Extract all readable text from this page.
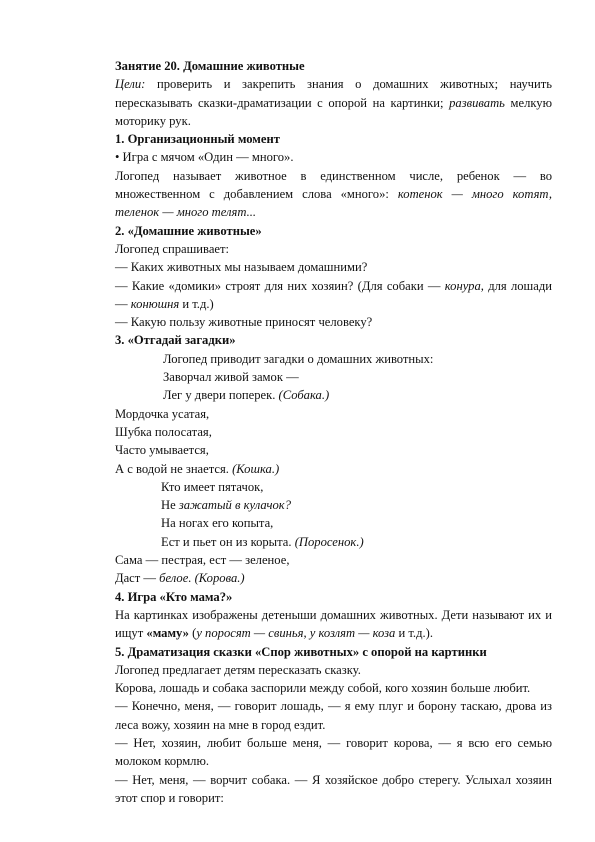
Занятие 20. Домашние животные

Цели: проверить и закрепить знания о домашних животных; научить пересказывать сказки-драматизации с опорой на картинки; развивать мелкую моторику рук.

1. Организационный момент

• Игра с мячом «Один — много».

Логопед называет животное в единственном числе, ребенок — во множественном с добавлением слова «много»: котенок — много котят, теленок — много телят...

2. «Домашние животные»

Логопед спрашивает:

— Каких животных мы называем домашними?

— Какие «домики» строят для них хозяин? (Для собаки — конура, для лошади — конюшня и т.д.)

— Какую пользу животные приносят человеку?

3. «Отгадай загадки»

Логопед приводит загадки о домашних животных:

Заворчал живой замок —

Лег у двери поперек. (Собака.)

Мордочка усатая,

Шубка полосатая,

Часто умывается,

А с водой не знается. (Кошка.)

Кто имеет пятачок,

Не зажатый в кулачок?

На ногах его копыта,

Ест и пьет он из корыта. (Поросенок.)

Сама — пестрая, ест — зеленое,

Даст — белое. (Корова.)

4. Игра «Кто мама?»

На картинках изображены детеныши домашних животных. Дети называют их и ищут «маму» (у поросят — свинья, у козлят — коза и т.д.).

5. Драматизация сказки «Спор животных» с опорой на картинки

Логопед предлагает детям пересказать сказку.

Корова, лошадь и собака заспорили между собой, кого хозяин больше любит.

— Конечно, меня, — говорит лошадь, — я ему плуг и борону таскаю, дрова из леса вожу, хозяин на мне в город ездит.

— Нет, хозяин, любит больше меня, — говорит корова, — я всю его семью молоком кормлю.

— Нет, меня, — ворчит собака. — Я хозяйское добро стерегу. Услыхал хозяин этот спор и говорит:
